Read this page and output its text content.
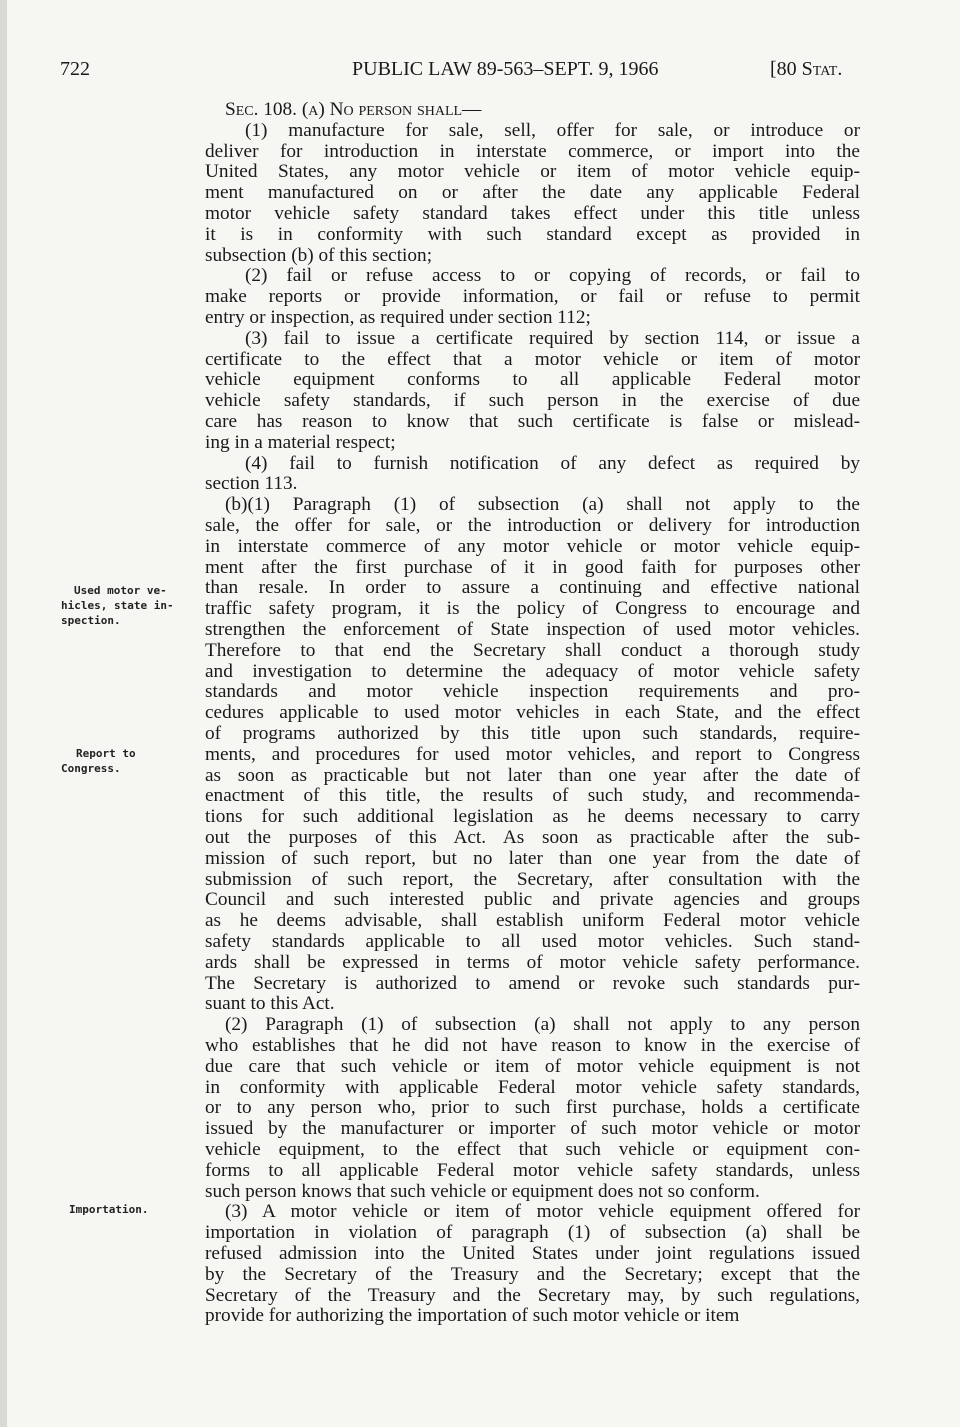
722	PUBLIC LAW 89-563–SEPT. 9, 1966	[80 Stat.
Sec. 108. (a) No person shall—
(1) manufacture for sale, sell, offer for sale, or introduce or
deliver for introduction in interstate commerce, or import into the
United States, any motor vehicle or item of motor vehicle equip-
ment manufactured on or after the date any applicable Federal
motor vehicle safety standard takes effect under this title unless
it is in conformity with such standard except as provided in
subsection (b) of this section;
(2) fail or refuse access to or copying of records, or fail to
make reports or provide information, or fail or refuse to permit
entry or inspection, as required under section 112;
(3) fail to issue a certificate required by section 114, or issue a
certificate to the effect that a motor vehicle or item of motor
vehicle equipment conforms to all applicable Federal motor
vehicle safety standards, if such person in the exercise of due
care has reason to know that such certificate is false or mislead-
ing in a material respect;
(4) fail to furnish notification of any defect as required by
section 113.
(b)(1) Paragraph (1) of subsection (a) shall not apply to the
sale, the offer for sale, or the introduction or delivery for introduction
in interstate commerce of any motor vehicle or motor vehicle equip-
ment after the first purchase of it in good faith for purposes other
than resale. In order to assure a continuing and effective national
traffic safety program, it is the policy of Congress to encourage and
strengthen the enforcement of State inspection of used motor vehicles.
Therefore to that end the Secretary shall conduct a thorough study
and investigation to determine the adequacy of motor vehicle safety
standards and motor vehicle inspection requirements and pro-
cedures applicable to used motor vehicles in each State, and the effect
of programs authorized by this title upon such standards, require-
ments, and procedures for used motor vehicles, and report to Congress
as soon as practicable but not later than one year after the date of
enactment of this title, the results of such study, and recommenda-
tions for such additional legislation as he deems necessary to carry
out the purposes of this Act. As soon as practicable after the sub-
mission of such report, but no later than one year from the date of
submission of such report, the Secretary, after consultation with the
Council and such interested public and private agencies and groups
as he deems advisable, shall establish uniform Federal motor vehicle
safety standards applicable to all used motor vehicles. Such stand-
ards shall be expressed in terms of motor vehicle safety performance.
The Secretary is authorized to amend or revoke such standards pur-
suant to this Act.
(2) Paragraph (1) of subsection (a) shall not apply to any person
who establishes that he did not have reason to know in the exercise of
due care that such vehicle or item of motor vehicle equipment is not
in conformity with applicable Federal motor vehicle safety standards,
or to any person who, prior to such first purchase, holds a certificate
issued by the manufacturer or importer of such motor vehicle or motor
vehicle equipment, to the effect that such vehicle or equipment con-
forms to all applicable Federal motor vehicle safety standards, unless
such person knows that such vehicle or equipment does not so conform.
(3) A motor vehicle or item of motor vehicle equipment offered for
importation in violation of paragraph (1) of subsection (a) shall be
refused admission into the United States under joint regulations issued
by the Secretary of the Treasury and the Secretary; except that the
Secretary of the Treasury and the Secretary may, by such regulations,
provide for authorizing the importation of such motor vehicle or item
Used motor ve-
hicles, state in-
spection.
Report to
Congress.
Importation.
